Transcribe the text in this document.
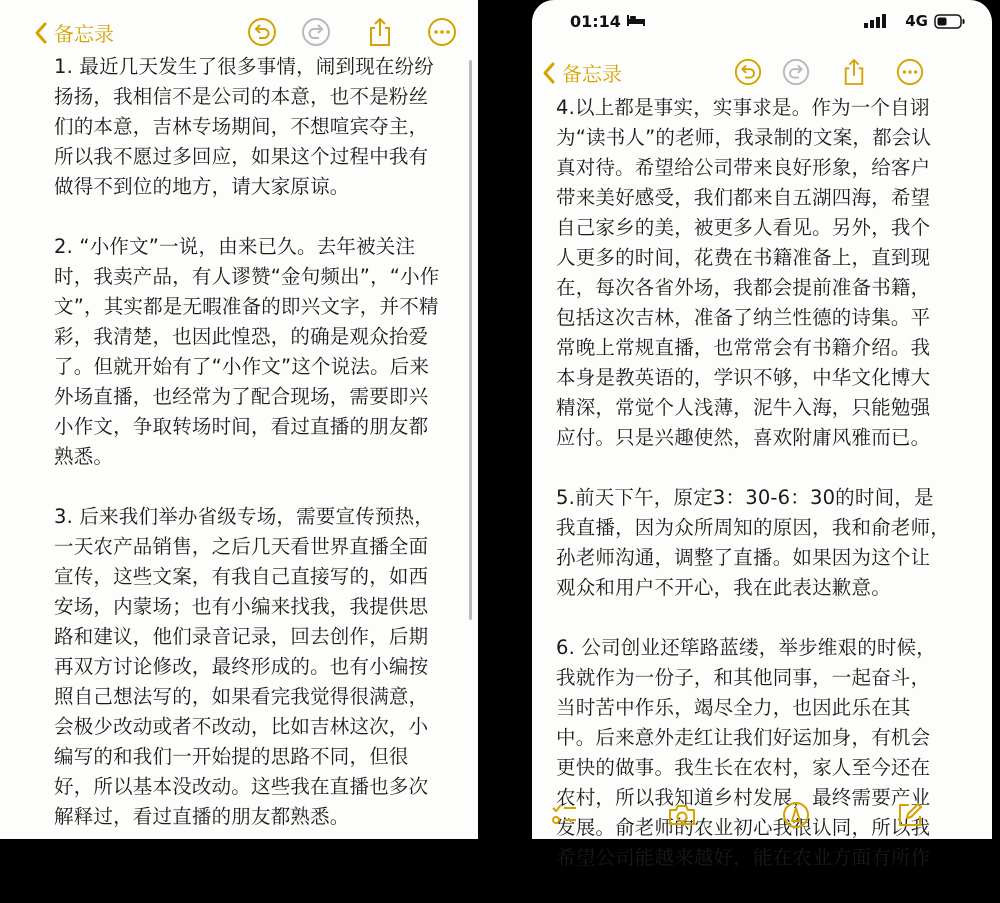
备忘录

1. 最近几天发生了很多事情，闹到现在纷纷
扬扬，我相信不是公司的本意，也不是粉丝
们的本意，吉林专场期间，不想喧宾夺主，
所以我不愿过多回应，如果这个过程中我有
做得不到位的地方，请大家原谅。

2. “小作文”一说，由来已久。去年被关注
时，我卖产品，有人谬赞“金句频出”，“小作
文”，其实都是无暇准备的即兴文字，并不精
彩，我清楚，也因此惶恐，的确是观众抬爱
了。但就开始有了“小作文”这个说法。后来
外场直播，也经常为了配合现场，需要即兴
小作文，争取转场时间，看过直播的朋友都
熟悉。

3. 后来我们举办省级专场，需要宣传预热，
一天农产品销售，之后几天看世界直播全面
宣传，这些文案，有我自己直接写的，如西
安场，内蒙场；也有小编来找我，我提供思
路和建议，他们录音记录，回去创作，后期
再双方讨论修改，最终形成的。也有小编按
照自己想法写的，如果看完我觉得很满意，
会极少改动或者不改动，比如吉林这次，小
编写的和我们一开始提的思路不同，但很
好，所以基本没改动。这些我在直播也多次
解释过，看过直播的朋友都熟悉。

01:14	4G
备忘录

4.以上都是事实，实事求是。作为一个自诩
为“读书人”的老师，我录制的文案，都会认
真对待。希望给公司带来良好形象，给客户
带来美好感受，我们都来自五湖四海，希望
自己家乡的美，被更多人看见。另外，我个
人更多的时间，花费在书籍准备上，直到现
在，每次各省外场，我都会提前准备书籍，
包括这次吉林，准备了纳兰性德的诗集。平
常晚上常规直播，也常常会有书籍介绍。我
本身是教英语的，学识不够，中华文化博大
精深，常觉个人浅薄，泥牛入海，只能勉强
应付。只是兴趣使然，喜欢附庸风雅而已。

5.前天下午，原定3：30-6：30的时间，是
我直播，因为众所周知的原因，我和俞老师，
孙老师沟通，调整了直播。如果因为这个让
观众和用户不开心，我在此表达歉意。

6. 公司创业还筚路蓝缕，举步维艰的时候，
我就作为一份子，和其他同事，一起奋斗，
当时苦中作乐，竭尽全力，也因此乐在其
中。后来意外走红让我们好运加身，有机会
更快的做事。我生长在农村，家人至今还在
农村，所以我知道乡村发展，最终需要产业
发展。俞老师的农业初心我很认同，所以我
希望公司能越来越好，能在农业方面有所作
